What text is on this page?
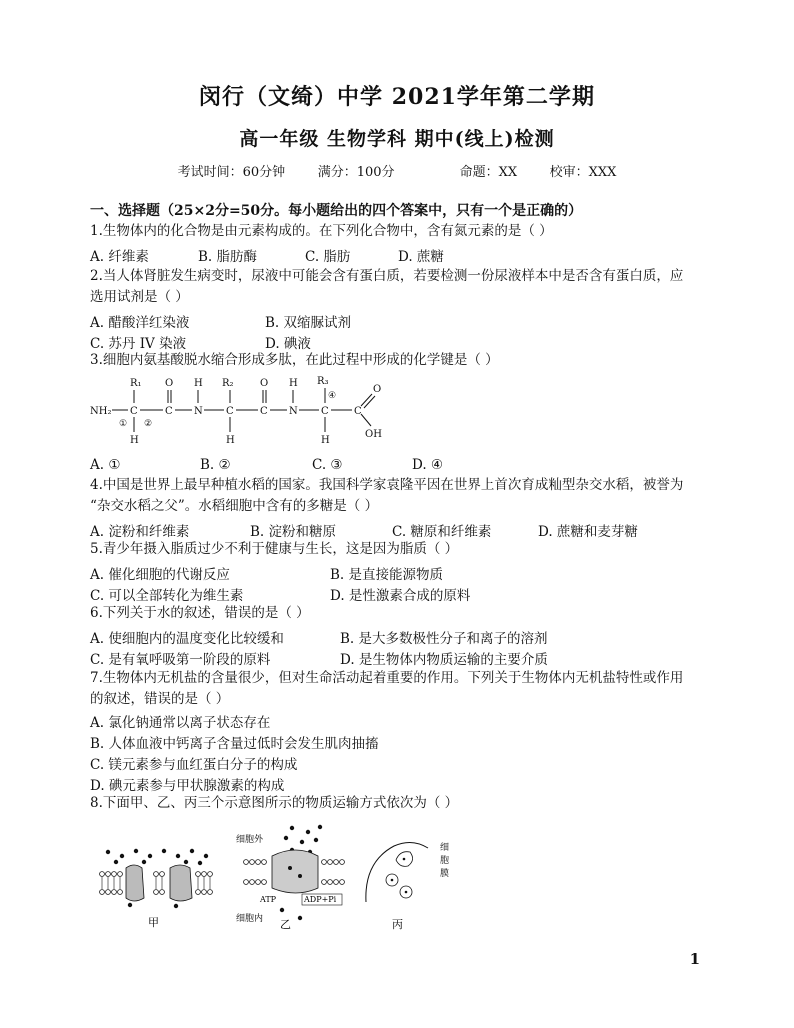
闵行（文绮）中学 2021学年第二学期
高一年级 生物学科 期中(线上)检测
考试时间：60分钟    满分：100分        命题：XX    校审：XXX
一、选择题（25×2分=50分。每小题给出的四个答案中，只有一个是正确的）
1.生物体内的化合物是由元素构成的。在下列化合物中，含有氮元素的是（ ）
A. 纤维素	B. 脂肪酶	C. 脂肪	D. 蔗糖
2.当人体肾脏发生病变时，尿液中可能会含有蛋白质，若要检测一份尿液样本中是否含有蛋白质，应
选用试剂是（ ）
A. 醋酸洋红染液	B. 双缩脲试剂
C. 苏丹 IV 染液	D. 碘液
3.细胞内氨基酸脱水缩合形成多肽，在此过程中形成的化学键是（ ）
NH₂ C
R₁
H
① ②
C
O
N
H
C
R₂
H
C
O
N
H
C
R₃
④
H
C
O
OH
A. ①	B. ②	C. ③	D. ④
4.中国是世界上最早种植水稻的国家。我国科学家袁隆平因在世界上首次育成籼型杂交水稻，被誉为
“杂交水稻之父”。水稻细胞中含有的多糖是（ ）
A. 淀粉和纤维素	B. 淀粉和糖原	C. 糖原和纤维素	D. 蔗糖和麦芽糖
5.青少年摄入脂质过少不利于健康与生长，这是因为脂质（ ）
A. 催化细胞的代谢反应	B. 是直接能源物质
C. 可以全部转化为维生素	D. 是性激素合成的原料
6.下列关于水的叙述，错误的是（ ）
A. 使细胞内的温度变化比较缓和	B. 是大多数极性分子和离子的溶剂
C. 是有氧呼吸第一阶段的原料	D. 是生物体内物质运输的主要介质
7.生物体内无机盐的含量很少，但对生命活动起着重要的作用。下列关于生物体内无机盐特性或作用
的叙述，错误的是（ ）
A. 氯化钠通常以离子状态存在
B. 人体血液中钙离子含量过低时会发生肌肉抽搐
C. 镁元素参与血红蛋白分子的构成
D. 碘元素参与甲状腺激素的构成
8.下面甲、乙、丙三个示意图所示的物质运输方式依次为（ ）
甲
细胞外
细胞内
ATP	ADP+Pi
乙
细
胞
膜
丙
1
